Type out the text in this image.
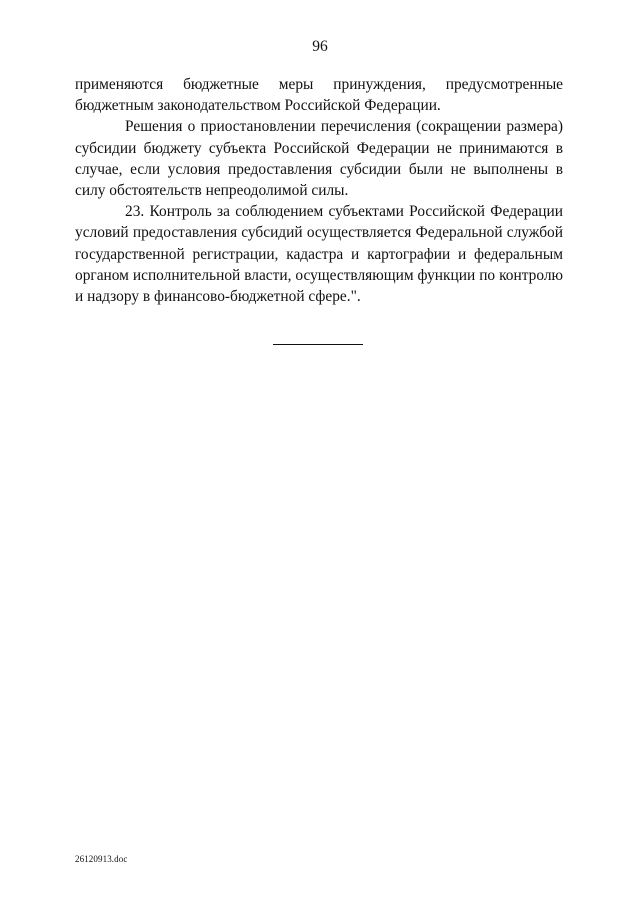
96

применяются бюджетные меры принуждения, предусмотренные бюджетным законодательством Российской Федерации.

Решения о приостановлении перечисления (сокращении размера) субсидии бюджету субъекта Российской Федерации не принимаются в случае, если условия предоставления субсидии были не выполнены в силу обстоятельств непреодолимой силы.

23. Контроль за соблюдением субъектами Российской Федерации условий предоставления субсидий осуществляется Федеральной службой государственной регистрации, кадастра и картографии и федеральным органом исполнительной власти, осуществляющим функции по контролю и надзору в финансово-бюджетной сфере.".

26120913.doc
